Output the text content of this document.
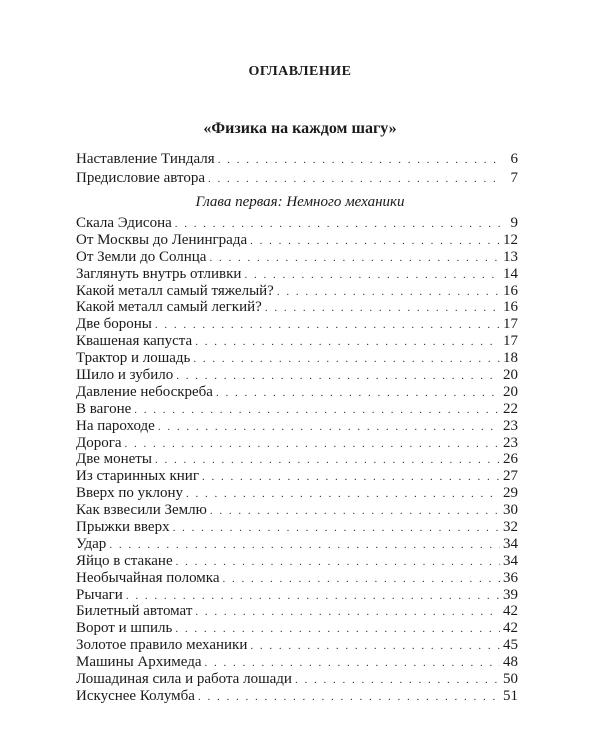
ОГЛАВЛЕНИЕ
«Физика на каждом шагу»
Наставление Тиндаля . . .	6
Предисловие автора . . .	7
Глава первая: Немного механики
Скала Эдисона . . .	9
От Москвы до Ленинграда . . .	12
От Земли до Солнца . . .	13
Заглянуть внутрь отливки . . .	14
Какой металл самый тяжелый? . . .	16
Какой металл самый легкий? . . .	16
Две бороны . . .	17
Квашеная капуста . . .	17
Трактор и лошадь . . .	18
Шило и зубило . . .	20
Давление небоскреба . . .	20
В вагоне . . .	22
На пароходе . . .	23
Дорога . . .	23
Две монеты . . .	26
Из старинных книг . . .	27
Вверх по уклону . . .	29
Как взвесили Землю . . .	30
Прыжки вверх . . .	32
Удар . . .	34
Яйцо в стакане . . .	34
Необычайная поломка . . .	36
Рычаги . . .	39
Билетный автомат . . .	42
Ворот и шпиль . . .	42
Золотое правило механики . . .	45
Машины Архимеда . . .	48
Лошадиная сила и работа лошади . . .	50
Искуснее Колумба . . .	51
